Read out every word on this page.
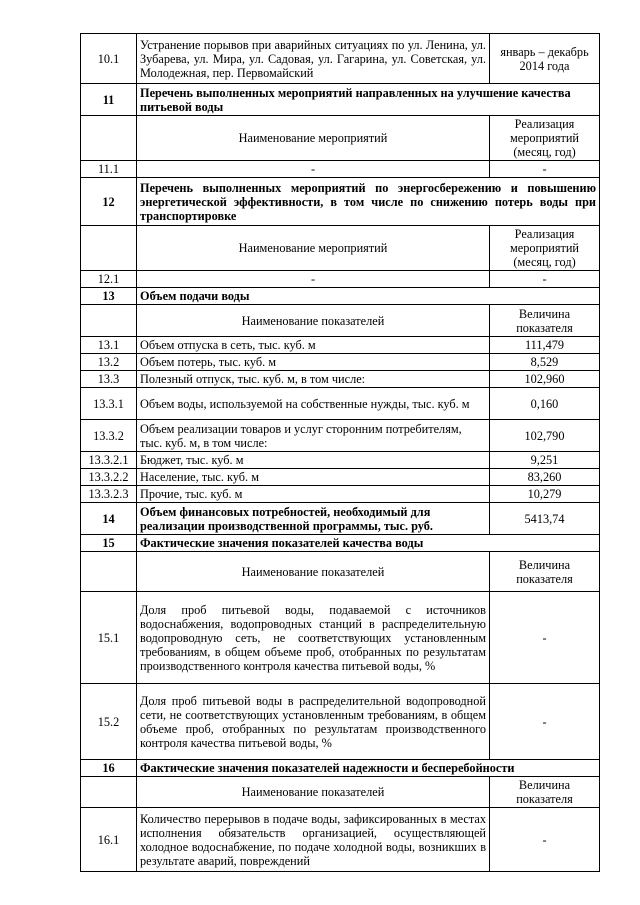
10.1	Устранение порывов при аварийных ситуациях по ул. Ленина, ул. Зубарева, ул. Мира, ул. Садовая, ул. Гагарина, ул. Советская, ул. Молодежная, пер. Первомайский	январь – декабрь 2014 года
11	Перечень выполненных мероприятий направленных на улучшение качества питьевой воды	
	Наименование мероприятий	Реализация мероприятий (месяц, год)
11.1	-	-
12	Перечень выполненных мероприятий по энергосбережению и повышению энергетической эффективности, в том числе по снижению потерь воды при транспортировке	
	Наименование мероприятий	Реализация мероприятий (месяц, год)
12.1	-	-
13	Объем подачи воды	
	Наименование показателей	Величина показателя
13.1	Объем отпуска в сеть, тыс. куб. м	111,479
13.2	Объем потерь, тыс. куб. м	8,529
13.3	Полезный отпуск, тыс. куб. м, в том числе:	102,960
13.3.1	Объем воды, используемой на собственные нужды, тыс. куб. м	0,160
13.3.2	Объем реализации товаров и услуг сторонним потребителям, тыс. куб. м, в том числе:	102,790
13.3.2.1	Бюджет, тыс. куб. м	9,251
13.3.2.2	Население, тыс. куб. м	83,260
13.3.2.3	Прочие, тыс. куб. м	10,279
14	Объем финансовых потребностей, необходимый для реализации производственной программы, тыс. руб.	5413,74
15	Фактические значения показателей качества воды	
	Наименование показателей	Величина показателя
15.1	Доля проб питьевой воды, подаваемой с источников водоснабжения, водопроводных станций в распределительную водопроводную сеть, не соответствующих установленным требованиям, в общем объеме проб, отобранных по результатам производственного контроля качества питьевой воды, %	-
15.2	Доля проб питьевой воды в распределительной водопроводной сети, не соответствующих установленным требованиям, в общем объеме проб, отобранных по результатам производственного контроля качества питьевой воды, %	-
16	Фактические значения показателей надежности и бесперебойности	
	Наименование показателей	Величина показателя
16.1	Количество перерывов в подаче воды, зафиксированных в местах исполнения обязательств организацией, осуществляющей холодное водоснабжение, по подаче холодной воды, возникших в результате аварий, повреждений	-
